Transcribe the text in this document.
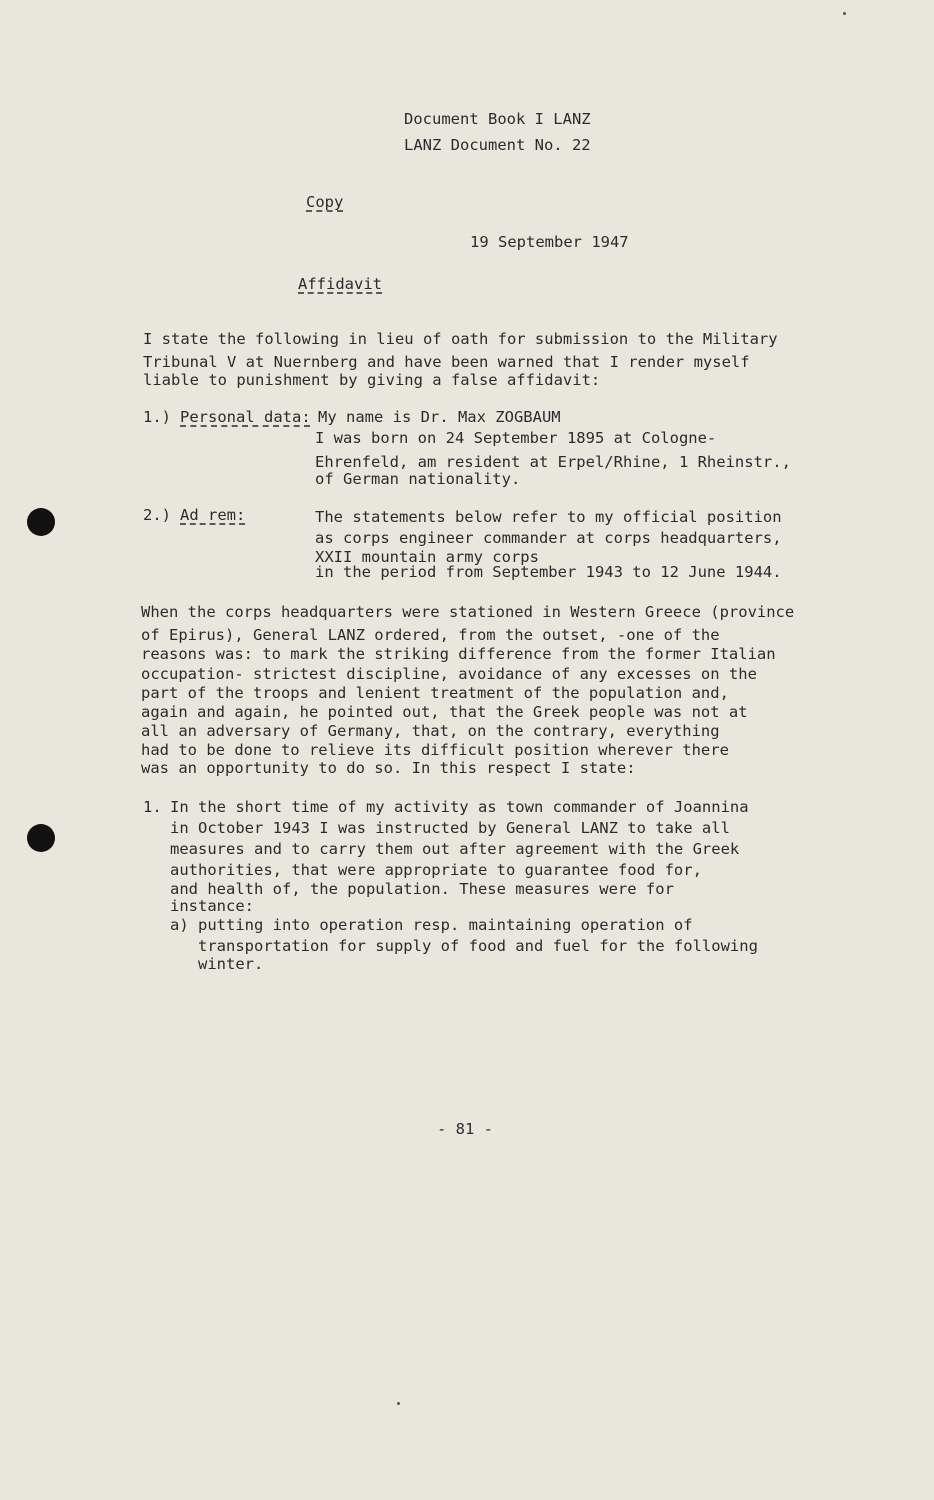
Document Book I LANZ
LANZ Document No. 22
Copy
19 September 1947
Affidavit
I state the following in lieu of oath for submission to the Military
Tribunal V at Nuernberg and have been warned that I render myself
liable to punishment by giving a false affidavit:
1.) Personal data: My name is Dr. Max ZOGBAUM
I was born on 24 September 1895 at Cologne-
Ehrenfeld, am resident at Erpel/Rhine, 1 Rheinstr.,
of German nationality.
2.) Ad rem:	The statements below refer to my official position
as corps engineer commander at corps headquarters,
XXII mountain army corps
in the period from September 1943 to 12 June 1944.
When the corps headquarters were stationed in Western Greece (province
of Epirus), General LANZ ordered, from the outset, -one of the
reasons was: to mark the striking difference from the former Italian
occupation- strictest discipline, avoidance of any excesses on the
part of the troops and lenient treatment of the population and,
again and again, he pointed out, that the Greek people was not at
all an adversary of Germany, that, on the contrary, everything
had to be done to relieve its difficult position wherever there
was an opportunity to do so. In this respect I state:
1. In the short time of my activity as town commander of Joannina
in October 1943 I was instructed by General LANZ to take all
measures and to carry them out after agreement with the Greek
authorities, that were appropriate to guarantee food for,
and health of, the population. These measures were for
instance:
a) putting into operation resp. maintaining operation of
transportation for supply of food and fuel for the following
winter.
- 81 -
